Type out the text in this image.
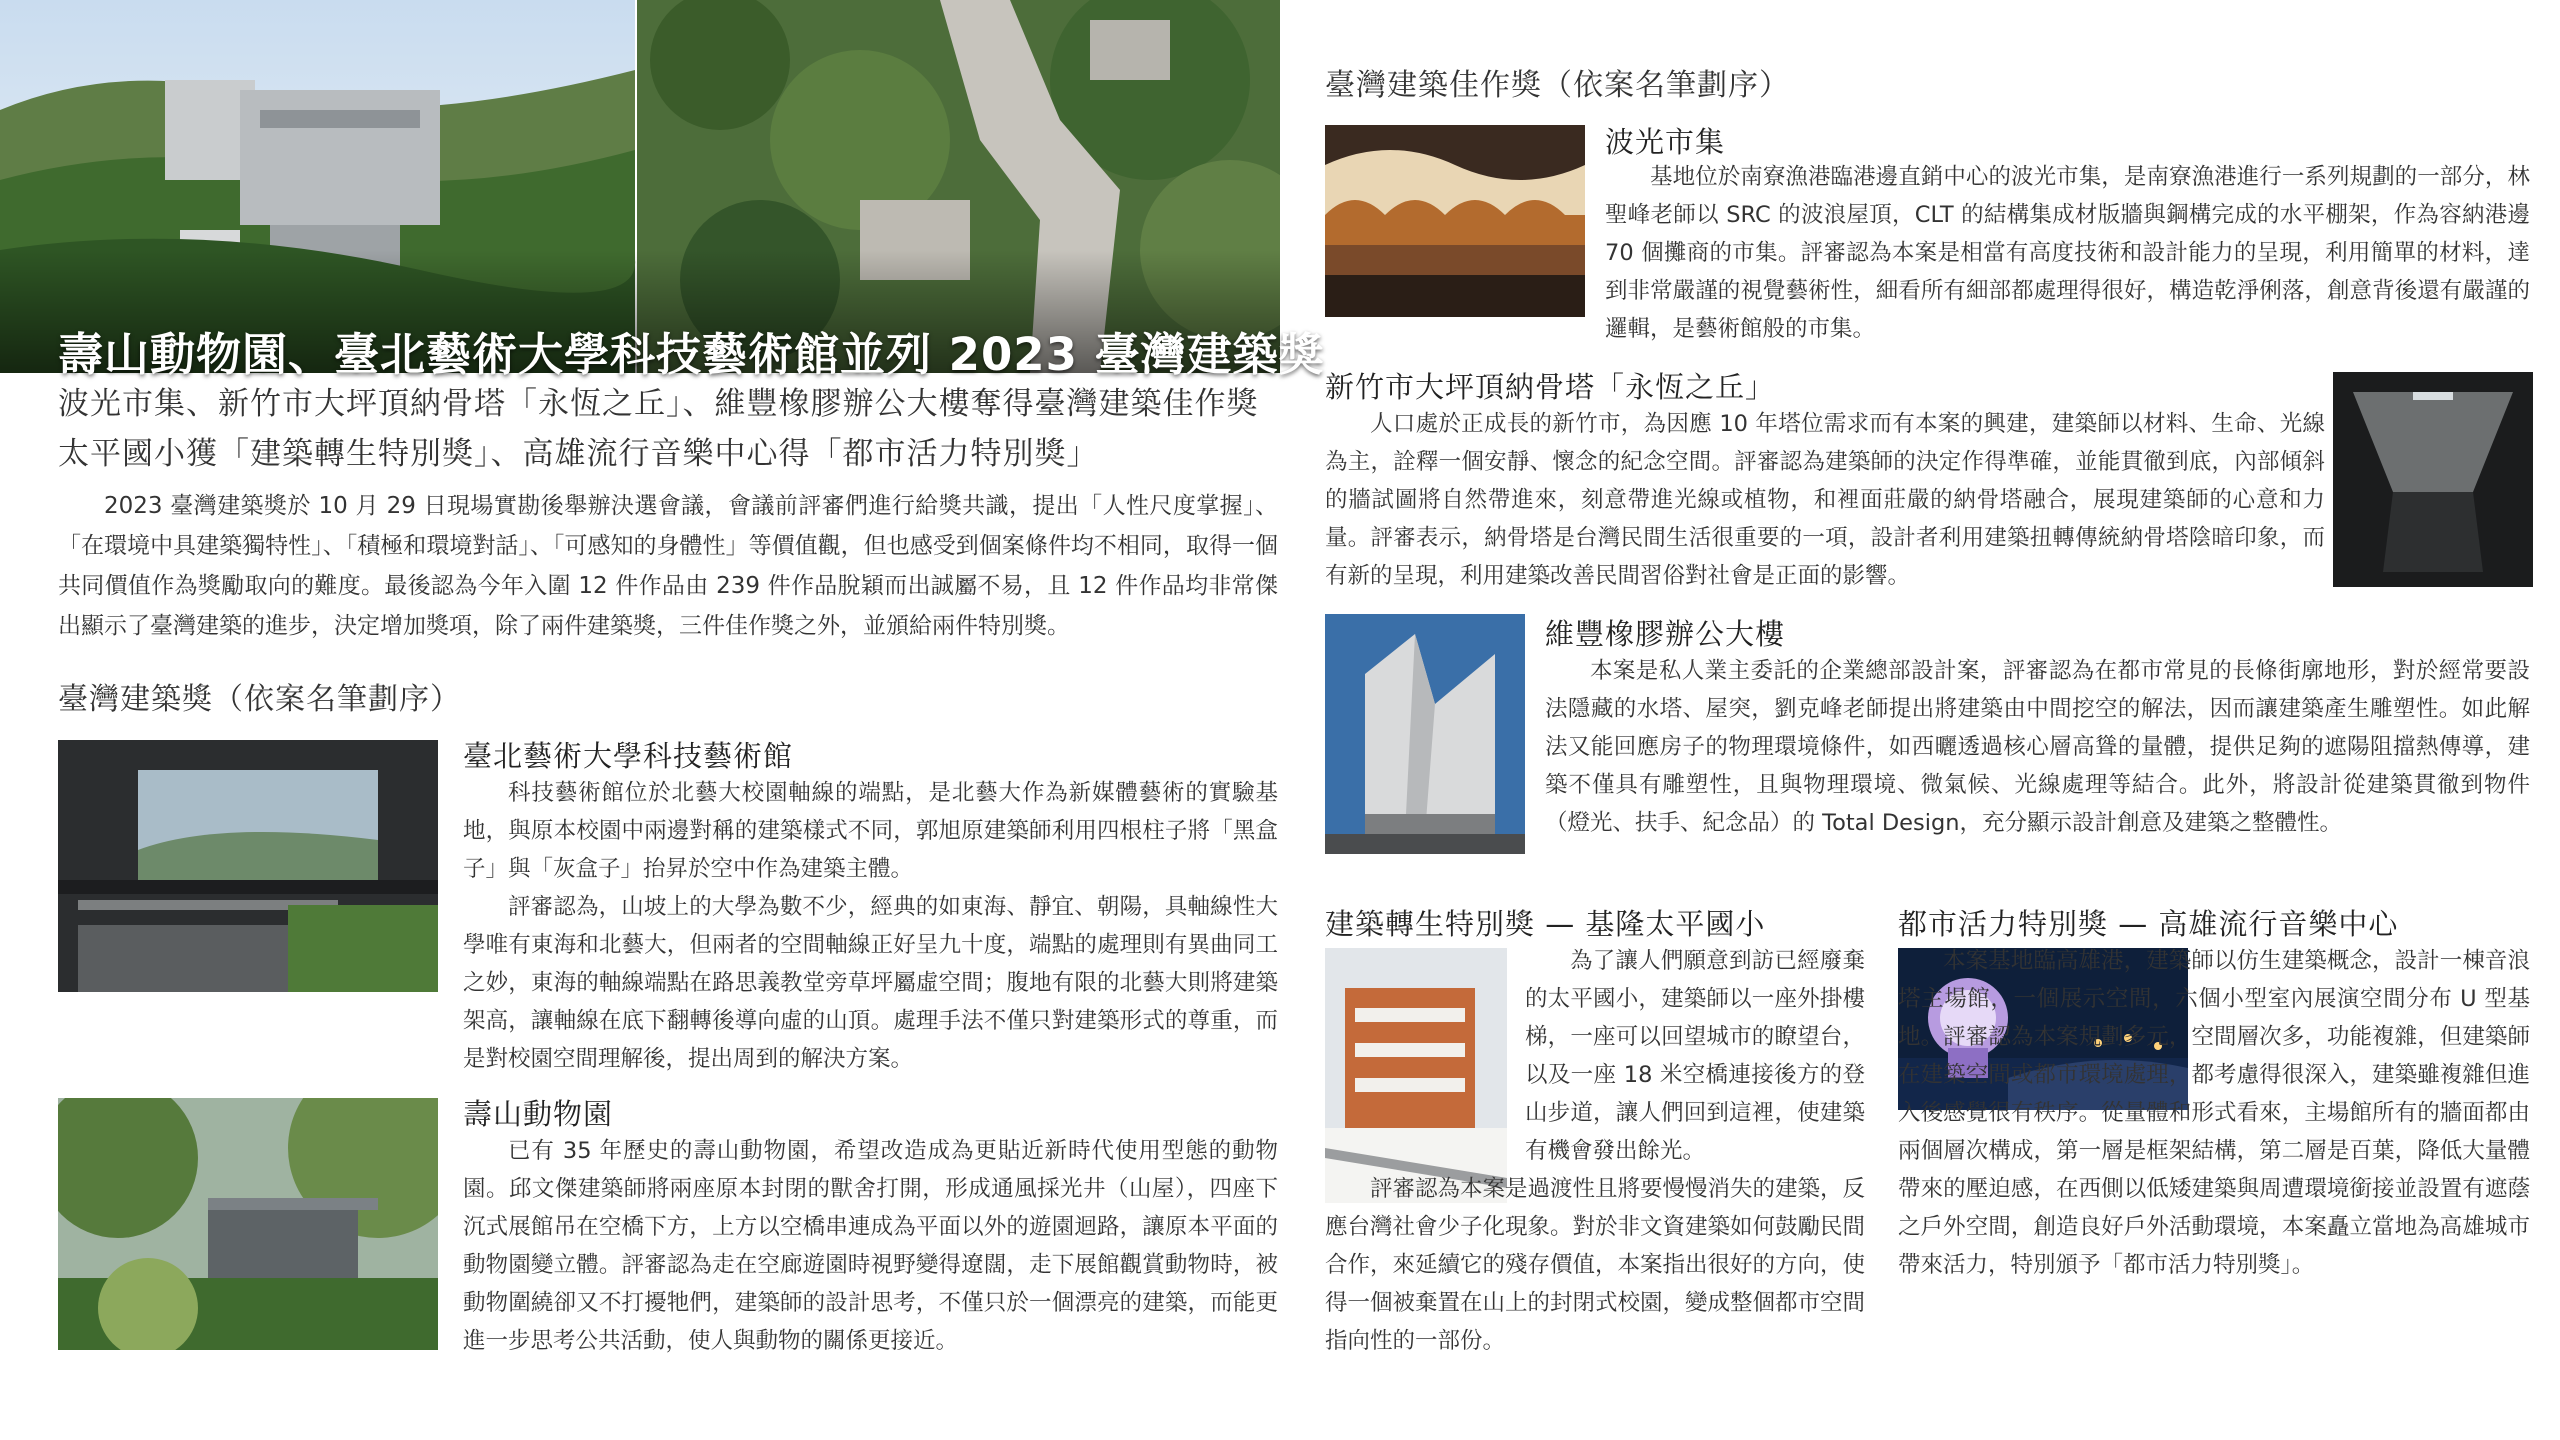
壽山動物園、臺北藝術大學科技藝術館並列 2023 臺灣建築獎
波光市集、新竹市大坪頂納骨塔「永恆之丘」、維豐橡膠辦公大樓奪得臺灣建築佳作獎
太平國小獲「建築轉生特別獎」、高雄流行音樂中心得「都市活力特別獎」
2023 臺灣建築獎於 10 月 29 日現場實勘後舉辦決選會議，會議前評審們進行給獎共識，提出「人性尺度掌握」、「在環境中具建築獨特性」、「積極和環境對話」、「可感知的身體性」等價值觀，但也感受到個案條件均不相同，取得一個共同價值作為獎勵取向的難度。最後認為今年入圍 12 件作品由 239 件作品脫穎而出誠屬不易，且 12 件作品均非常傑出顯示了臺灣建築的進步，決定增加獎項，除了兩件建築獎，三件佳作獎之外，並頒給兩件特別獎。
臺灣建築獎（依案名筆劃序）
臺北藝術大學科技藝術館

科技藝術館位於北藝大校園軸線的端點，是北藝大作為新媒體藝術的實驗基地，與原本校園中兩邊對稱的建築樣式不同，郭旭原建築師利用四根柱子將「黑盒子」與「灰盒子」抬昇於空中作為建築主體。

評審認為，山坡上的大學為數不少，經典的如東海、靜宜、朝陽，具軸線性大學唯有東海和北藝大，但兩者的空間軸線正好呈九十度，端點的處理則有異曲同工之妙，東海的軸線端點在路思義教堂旁草坪屬虛空間；腹地有限的北藝大則將建築架高，讓軸線在底下翻轉後導向虛的山頂。處理手法不僅只對建築形式的尊重，而是對校園空間理解後，提出周到的解決方案。

壽山動物園

已有 35 年歷史的壽山動物園，希望改造成為更貼近新時代使用型態的動物園。邱文傑建築師將兩座原本封閉的獸舍打開，形成通風採光井（山屋），四座下沉式展館吊在空橋下方，上方以空橋串連成為平面以外的遊園迴路，讓原本平面的動物園變立體。評審認為走在空廊遊園時視野變得遼闊，走下展館觀賞動物時，被動物圍繞卻又不打擾牠們，建築師的設計思考，不僅只於一個漂亮的建築，而能更進一步思考公共活動，使人與動物的關係更接近。

臺灣建築佳作獎（依案名筆劃序）
波光市集

基地位於南寮漁港臨港邊直銷中心的波光市集，是南寮漁港進行一系列規劃的一部分，林聖峰老師以 SRC 的波浪屋頂，CLT 的結構集成材版牆與鋼構完成的水平棚架，作為容納港邊 70 個攤商的市集。評審認為本案是相當有高度技術和設計能力的呈現，利用簡單的材料，達到非常嚴謹的視覺藝術性，細看所有細部都處理得很好，構造乾淨俐落，創意背後還有嚴謹的邏輯，是藝術館般的市集。

新竹市大坪頂納骨塔「永恆之丘」

人口處於正成長的新竹市，為因應 10 年塔位需求而有本案的興建，建築師以材料、生命、光線為主，詮釋一個安靜、懷念的紀念空間。評審認為建築師的決定作得準確，並能貫徹到底，內部傾斜的牆試圖將自然帶進來，刻意帶進光線或植物，和裡面莊嚴的納骨塔融合，展現建築師的心意和力量。評審表示，納骨塔是台灣民間生活很重要的一項，設計者利用建築扭轉傳統納骨塔陰暗印象，而有新的呈現，利用建築改善民間習俗對社會是正面的影響。

維豐橡膠辦公大樓

本案是私人業主委託的企業總部設計案，評審認為在都市常見的長條街廓地形，對於經常要設法隱藏的水塔、屋突，劉克峰老師提出將建築由中間挖空的解法，因而讓建築產生雕塑性。如此解法又能回應房子的物理環境條件，如西曬透過核心層高聳的量體，提供足夠的遮陽阻擋熱傳導，建築不僅具有雕塑性，且與物理環境、微氣候、光線處理等結合。此外，將設計從建築貫徹到物件（燈光、扶手、紀念品）的 Total Design，充分顯示設計創意及建築之整體性。

建築轉生特別獎 — 基隆太平國小

為了讓人們願意到訪已經廢棄的太平國小，建築師以一座外掛樓梯，一座可以回望城市的瞭望台，以及一座 18 米空橋連接後方的登山步道，讓人們回到這裡，使建築有機會發出餘光。

評審認為本案是過渡性且將要慢慢消失的建築，反應台灣社會少子化現象。對於非文資建築如何鼓勵民間合作，來延續它的殘存價值，本案指出很好的方向，使得一個被棄置在山上的封閉式校園，變成整個都市空間指向性的一部份。

都市活力特別獎 — 高雄流行音樂中心

本案基地臨高雄港，建築師以仿生建築概念，設計一棟音浪塔主場館，一個展示空間，六個小型室內展演空間分布 U 型基地。評審認為本案規劃多元，空間層次多，功能複雜，但建築師在建築空間或都市環境處理，都考慮得很深入，建築雖複雜但進入後感覺很有秩序。從量體和形式看來，主場館所有的牆面都由兩個層次構成，第一層是框架結構，第二層是百葉，降低大量體帶來的壓迫感，在西側以低矮建築與周遭環境銜接並設置有遮蔭之戶外空間，創造良好戶外活動環境，本案矗立當地為高雄城市帶來活力，特別頒予「都市活力特別獎」。
